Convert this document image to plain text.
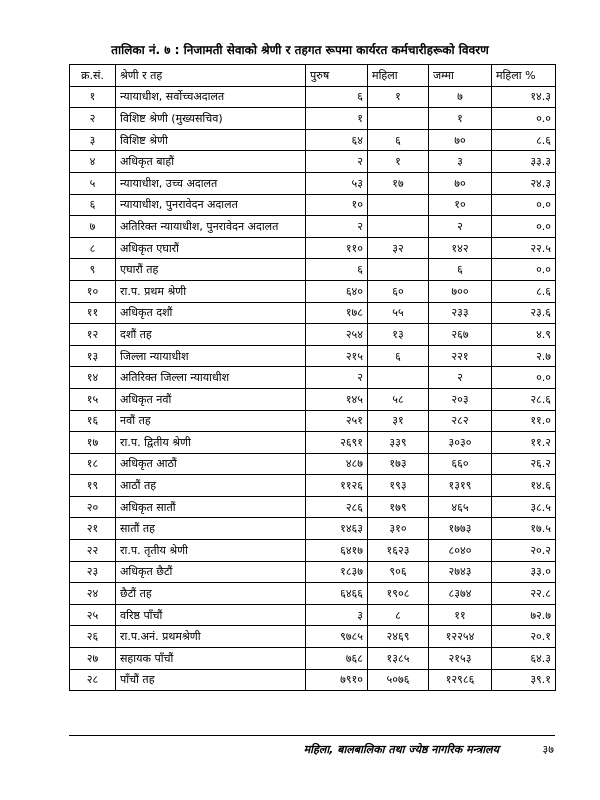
तालिका नं. ७ : निजामती सेवाको श्रेणी र तहगत रूपमा कार्यरत कर्मचारीहरूको विवरण
क्र.सं.	श्रेणी र तह	पुरुष	महिला	जम्मा	महिला %
१	न्यायाधीश, सर्वोच्चअदालत	६	१	७	१४.३
२	विशिष्ट श्रेणी (मुख्यसचिव)	१		१	०.०
३	विशिष्ट श्रेणी	६४	६	७०	८.६
४	अधिकृत बाहौं	२	१	३	३३.३
५	न्यायाधीश, उच्च अदालत	५३	१७	७०	२४.३
६	न्यायाधीश, पुनरावेदन अदालत	१०		१०	०.०
७	अतिरिक्त न्यायाधीश, पुनरावेदन अदालत	२		२	०.०
८	अधिकृत एघारौं	११०	३२	१४२	२२.५
९	एघारौं तह	६		६	०.०
१०	रा.प. प्रथम श्रेणी	६४०	६०	७००	८.६
११	अधिकृत दशौं	१७८	५५	२३३	२३.६
१२	दशौं तह	२५४	१३	२६७	४.९
१३	जिल्ला न्यायाधीश	२१५	६	२२१	२.७
१४	अतिरिक्त जिल्ला न्यायाधीश	२		२	०.०
१५	अधिकृत नवौं	१४५	५८	२०३	२८.६
१६	नवौं तह	२५१	३१	२८२	११.०
१७	रा.प. द्वितीय श्रेणी	२६९१	३३९	३०३०	११.२
१८	अधिकृत आठौं	४८७	१७३	६६०	२६.२
१९	आठौं तह	११२६	१९३	१३१९	१४.६
२०	अधिकृत सातौं	२८६	१७९	४६५	३८.५
२१	सातौं तह	१४६३	३१०	१७७३	१७.५
२२	रा.प. तृतीय श्रेणी	६४१७	१६२३	८०४०	२०.२
२३	अधिकृत छैटौं	१८३७	९०६	२७४३	३३.०
२४	छैटौं तह	६४६६	१९०८	८३७४	२२.८
२५	वरिष्ठ पाँचौं	३	८	११	७२.७
२६	रा.प.अनं. प्रथमश्रेणी	९७८५	२४६९	१२२५४	२०.१
२७	सहायक पाँचौं	७६८	१३८५	२१५३	६४.३
२८	पाँचौं तह	७९१०	५०७६	१२९८६	३९.१
महिला, बालबालिका तथा ज्येष्ठ नागरिक मन्त्रालय	३७
